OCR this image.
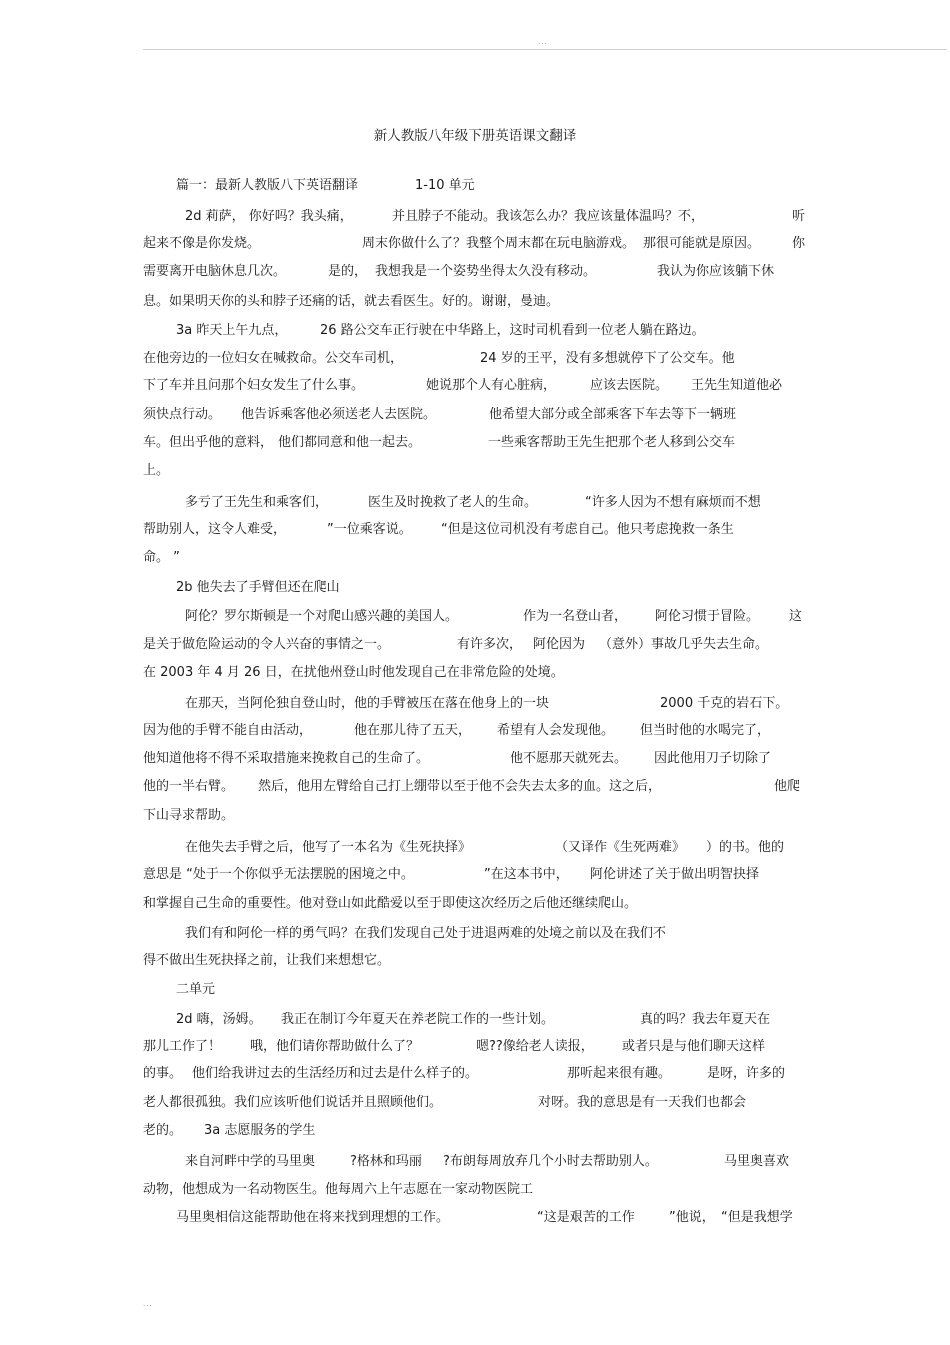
...
新人教版八年级下册英语课文翻译
篇一：最新人教版八下英语翻译	1-10 单元
2d 莉萨， 你好吗？我头痛，	并且脖子不能动。我该怎么办？我应该量体温吗？不，	听
起来不像是你发烧。	周末你做什么了？我整个周末都在玩电脑游戏。 那很可能就是原因。 你
需要离开电脑休息几次。	是的， 我想我是一个姿势坐得太久没有移动。	我认为你应该躺下休
息。如果明天你的头和脖子还痛的话，就去看医生。好的。谢谢，曼迪。
3a 昨天上午九点，	26 路公交车正行驶在中华路上，这时司机看到一位老人躺在路边。
在他旁边的一位妇女在喊救命。公交车司机，	24 岁的王平，没有多想就停下了公交车。他
下了车并且问那个妇女发生了什么事。	她说那个人有心脏病，	应该去医院。 王先生知道他必
须快点行动。 他告诉乘客他必须送老人去医院。	他希望大部分或全部乘客下车去等下一辆班
车。但出乎他的意料， 他们都同意和他一起去。	一些乘客帮助王先生把那个老人移到公交车
上。
多亏了王先生和乘客们，	医生及时挽救了老人的生命。	“许多人因为不想有麻烦而不想
帮助别人，这令人难受，	”一位乘客说。 “但是这位司机没有考虑自己。他只考虑挽救一条生
命。 ”
2b 他失去了手臂但还在爬山
阿伦？罗尔斯顿是一个对爬山感兴趣的美国人。	作为一名登山者， 阿伦习惯于冒险。 这
是关于做危险运动的令人兴奋的事情之一。	有许多次， 阿伦因为 （意外）事故几乎失去生命。
在 2003 年 4 月 26 日，在扰他州登山时他发现自己在非常危险的处境。
在那天，当阿伦独自登山时，他的手臂被压在落在他身上的一块	2000 千克的岩石下。
因为他的手臂不能自由活动，	他在那儿待了五天， 希望有人会发现他。 但当时他的水喝完了，
他知道他将不得不采取措施来挽救自己的生命了。	他不愿那天就死去。 因此他用刀子切除了
他的一半右臂。 然后，他用左臂给自己打上绷带以至于他不会失去太多的血。这之后，	他爬
下山寻求帮助。
在他失去手臂之后，他写了一本名为《生死抉择》	（又译作《生死两难》 ）的书。他的
意思是 “处于一个你似乎无法摆脱的困境之中。	”在这本书中， 阿伦讲述了关于做出明智抉择
和掌握自己生命的重要性。他对登山如此酷爱以至于即使这次经历之后他还继续爬山。
我们有和阿伦一样的勇气吗？在我们发现自己处于进退两难的处境之前以及在我们不
得不做出生死抉择之前，让我们来想想它。
二单元
2d 嗨，汤姆。 我正在制订今年夏天在养老院工作的一些计划。	真的吗？我去年夏天在
那儿工作了！ 哦，他们请你帮助做什么了？	嗯??像给老人读报， 或者只是与他们聊天这样
的事。 他们给我讲过去的生活经历和过去是什么样子的。	那听起来很有趣。	是呀，许多的
老人都很孤独。我们应该听他们说话并且照顾他们。	对呀。我的意思是有一天我们也都会
老的。 3a 志愿服务的学生
来自河畔中学的马里奥	?格林和玛丽 ?布朗每周放弃几个小时去帮助别人。	马里奥喜欢
动物，他想成为一名动物医生。他每周六上午志愿在一家动物医院工
马里奥相信这能帮助他在将来找到理想的工作。	“这是艰苦的工作	”他说， “但是我想学
...
